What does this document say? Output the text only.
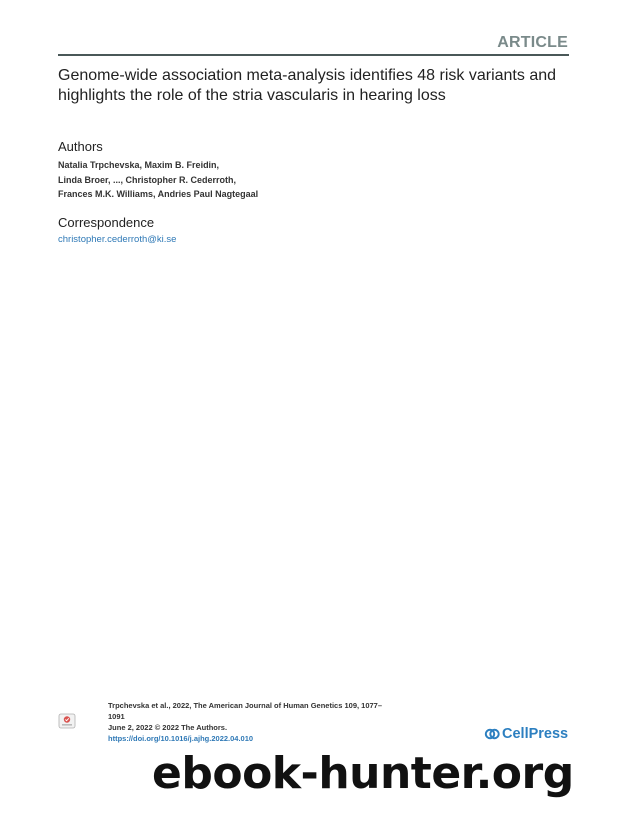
ARTICLE
Genome-wide association meta-analysis identifies 48 risk variants and
highlights the role of the stria vascularis in hearing loss
Authors
Natalia Trpchevska, Maxim B. Freidin,
Linda Broer, ..., Christopher R. Cederroth,
Frances M.K. Williams, Andries Paul Nagtegaal
Correspondence
christopher.cederroth@ki.se
Trpchevska et al., 2022, The American Journal of Human Genetics 109, 1077–
1091
June 2, 2022 © 2022 The Authors.
https://doi.org/10.1016/j.ajhg.2022.04.010	CellPress
ebook-hunter.org
